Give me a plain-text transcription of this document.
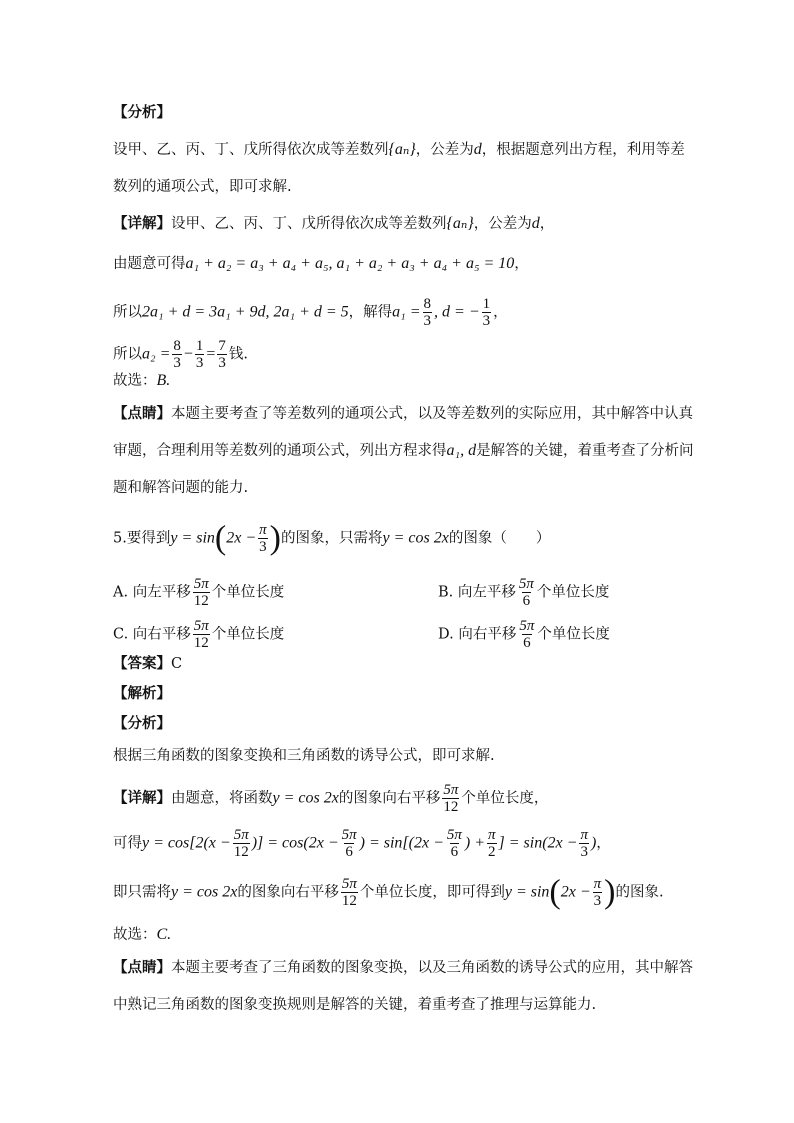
【分析】
设甲、乙、丙、丁、戊所得依次成等差数列{aₙ}，公差为d，根据题意列出方程，利用等差
数列的通项公式，即可求解.
【详解】设甲、乙、丙、丁、戊所得依次成等差数列{aₙ}，公差为d，
由题意可得a₁ + a₂ = a₃ + a₄ + a₅, a₁ + a₂ + a₃ + a₄ + a₅ = 10，
所以2a₁ + d = 3a₁ + 9d, 2a₁ + d = 5，解得$a_1 = \frac{8}{3}$ , d = − $\frac{1}{3}$ ，
所以$a_2 = \frac{8}{3} - \frac{1}{3} = \frac{7}{3}$ 钱.
故选：B.
【点睛】本题主要考查了等差数列的通项公式，以及等差数列的实际应用，其中解答中认真
审题，合理利用等差数列的通项公式，列出方程求得a₁, d是解答的关键，着重考查了分析问
题和解答问题的能力.
5.要得到$y = \sin(2x - \frac{\pi}{3}$ )的图象，只需将y = cos 2x的图象（　　）
A. 向左平移 $\frac{5\pi}{12}$ 个单位长度	B. 向左平移 $\frac{5\pi}{6}$ 个单位长度
C. 向右平移 $\frac{5\pi}{12}$ 个单位长度	D. 向右平移 $\frac{5\pi}{6}$ 个单位长度
【答案】C
【解析】
【分析】
根据三角函数的图象变换和三角函数的诱导公式，即可求解.
【详解】由题意，将函数y = cos 2x的图象向右平移 $\frac{5\pi}{12}$ 个单位长度，
可得$y = \cos[2(x - \frac{5\pi}{12}$ )] = $\cos(2x - \frac{5\pi}{6}$ ) = $\sin[(2x - \frac{5\pi}{6}$ ) + $\frac{\pi}{2}$ ] = $\sin(2x - \frac{\pi}{3}$ )，
即只需将y = cos 2x的图象向右平移 $\frac{5\pi}{12}$ 个单位长度，即可得到$y = \sin(2x - \frac{\pi}{3}$ )的图象.
故选：C.
【点睛】本题主要考查了三角函数的图象变换，以及三角函数的诱导公式的应用，其中解答
中熟记三角函数的图象变换规则是解答的关键，着重考查了推理与运算能力.
